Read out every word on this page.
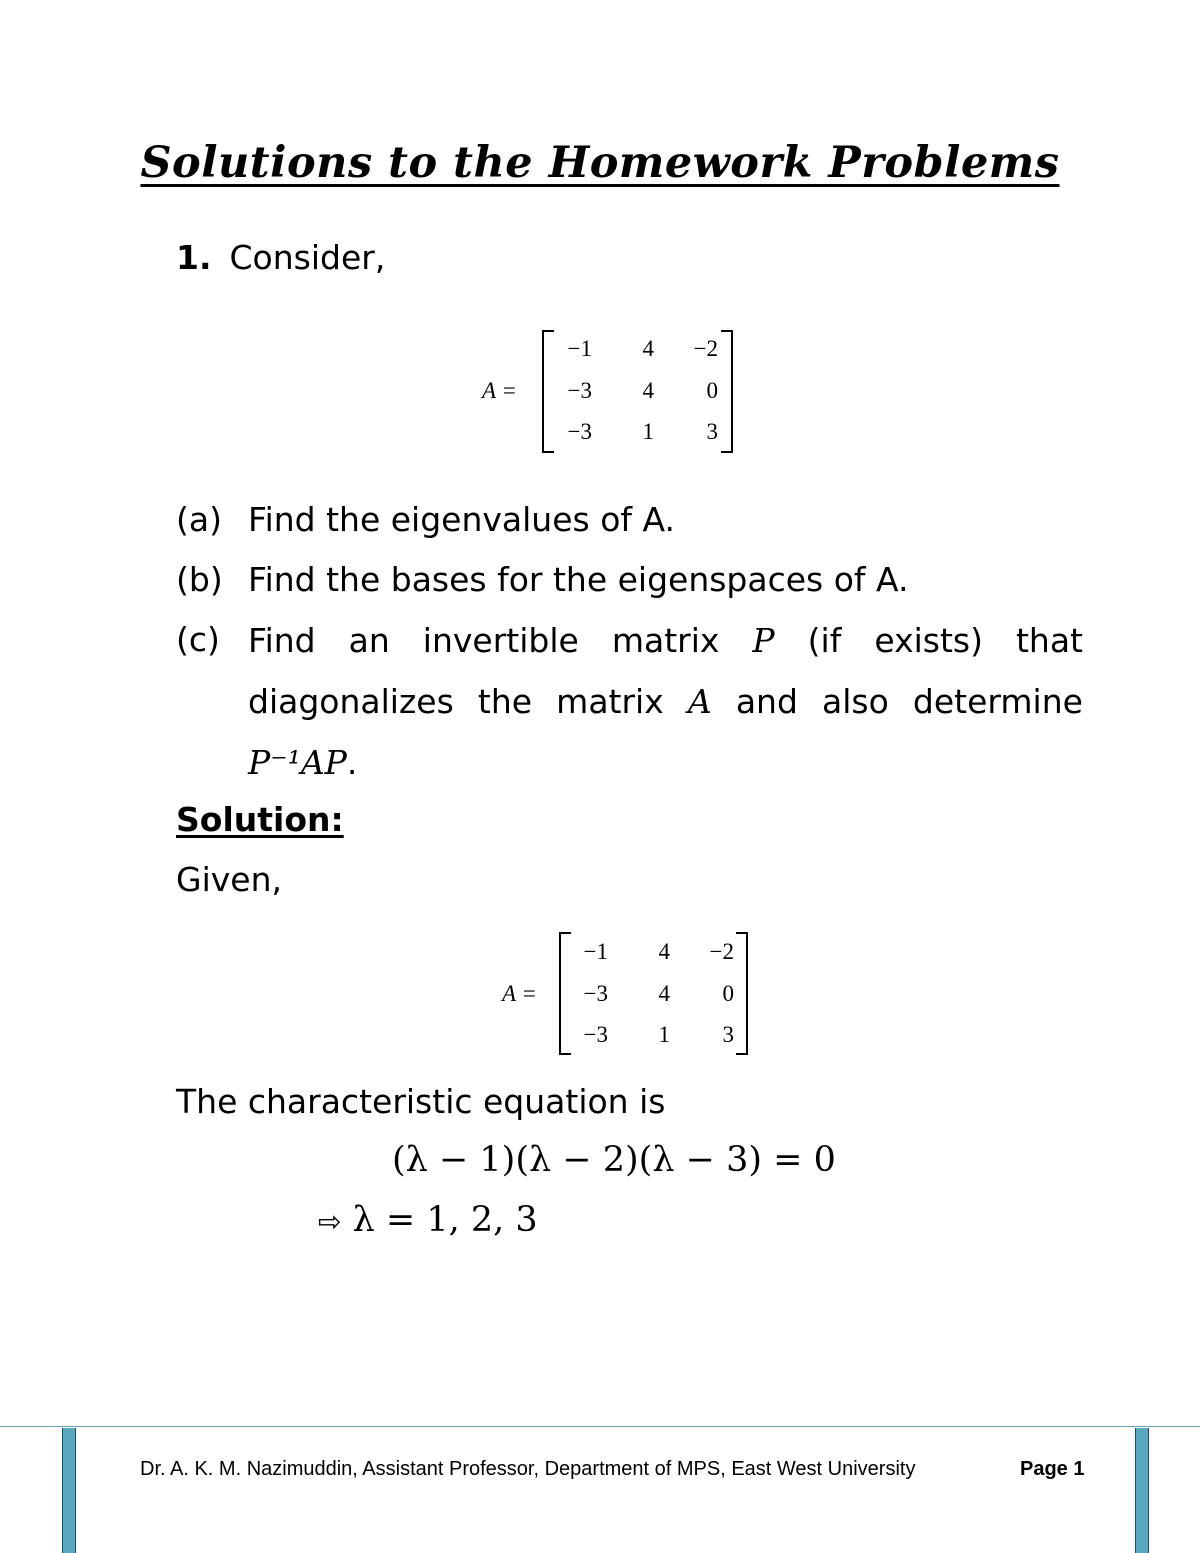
Solutions to the Homework Problems
1. Consider,
A =
−1	4	−2
−3	4	0
−3	1	3
(a) Find the eigenvalues of A.
(b) Find the bases for the eigenspaces of A.
(c) Find an invertible matrix P (if exists) that
diagonalizes the matrix A and also determine
P⁻¹AP .
Solution:
Given,
A =
−1	4	−2
−3	4	0
−3	1	3
The characteristic equation is
(λ − 1)(λ − 2)(λ − 3) = 0
⇨ λ = 1, 2, 3
Dr. A. K. M. Nazimuddin, Assistant Professor, Department of MPS, East West University	Page 1
